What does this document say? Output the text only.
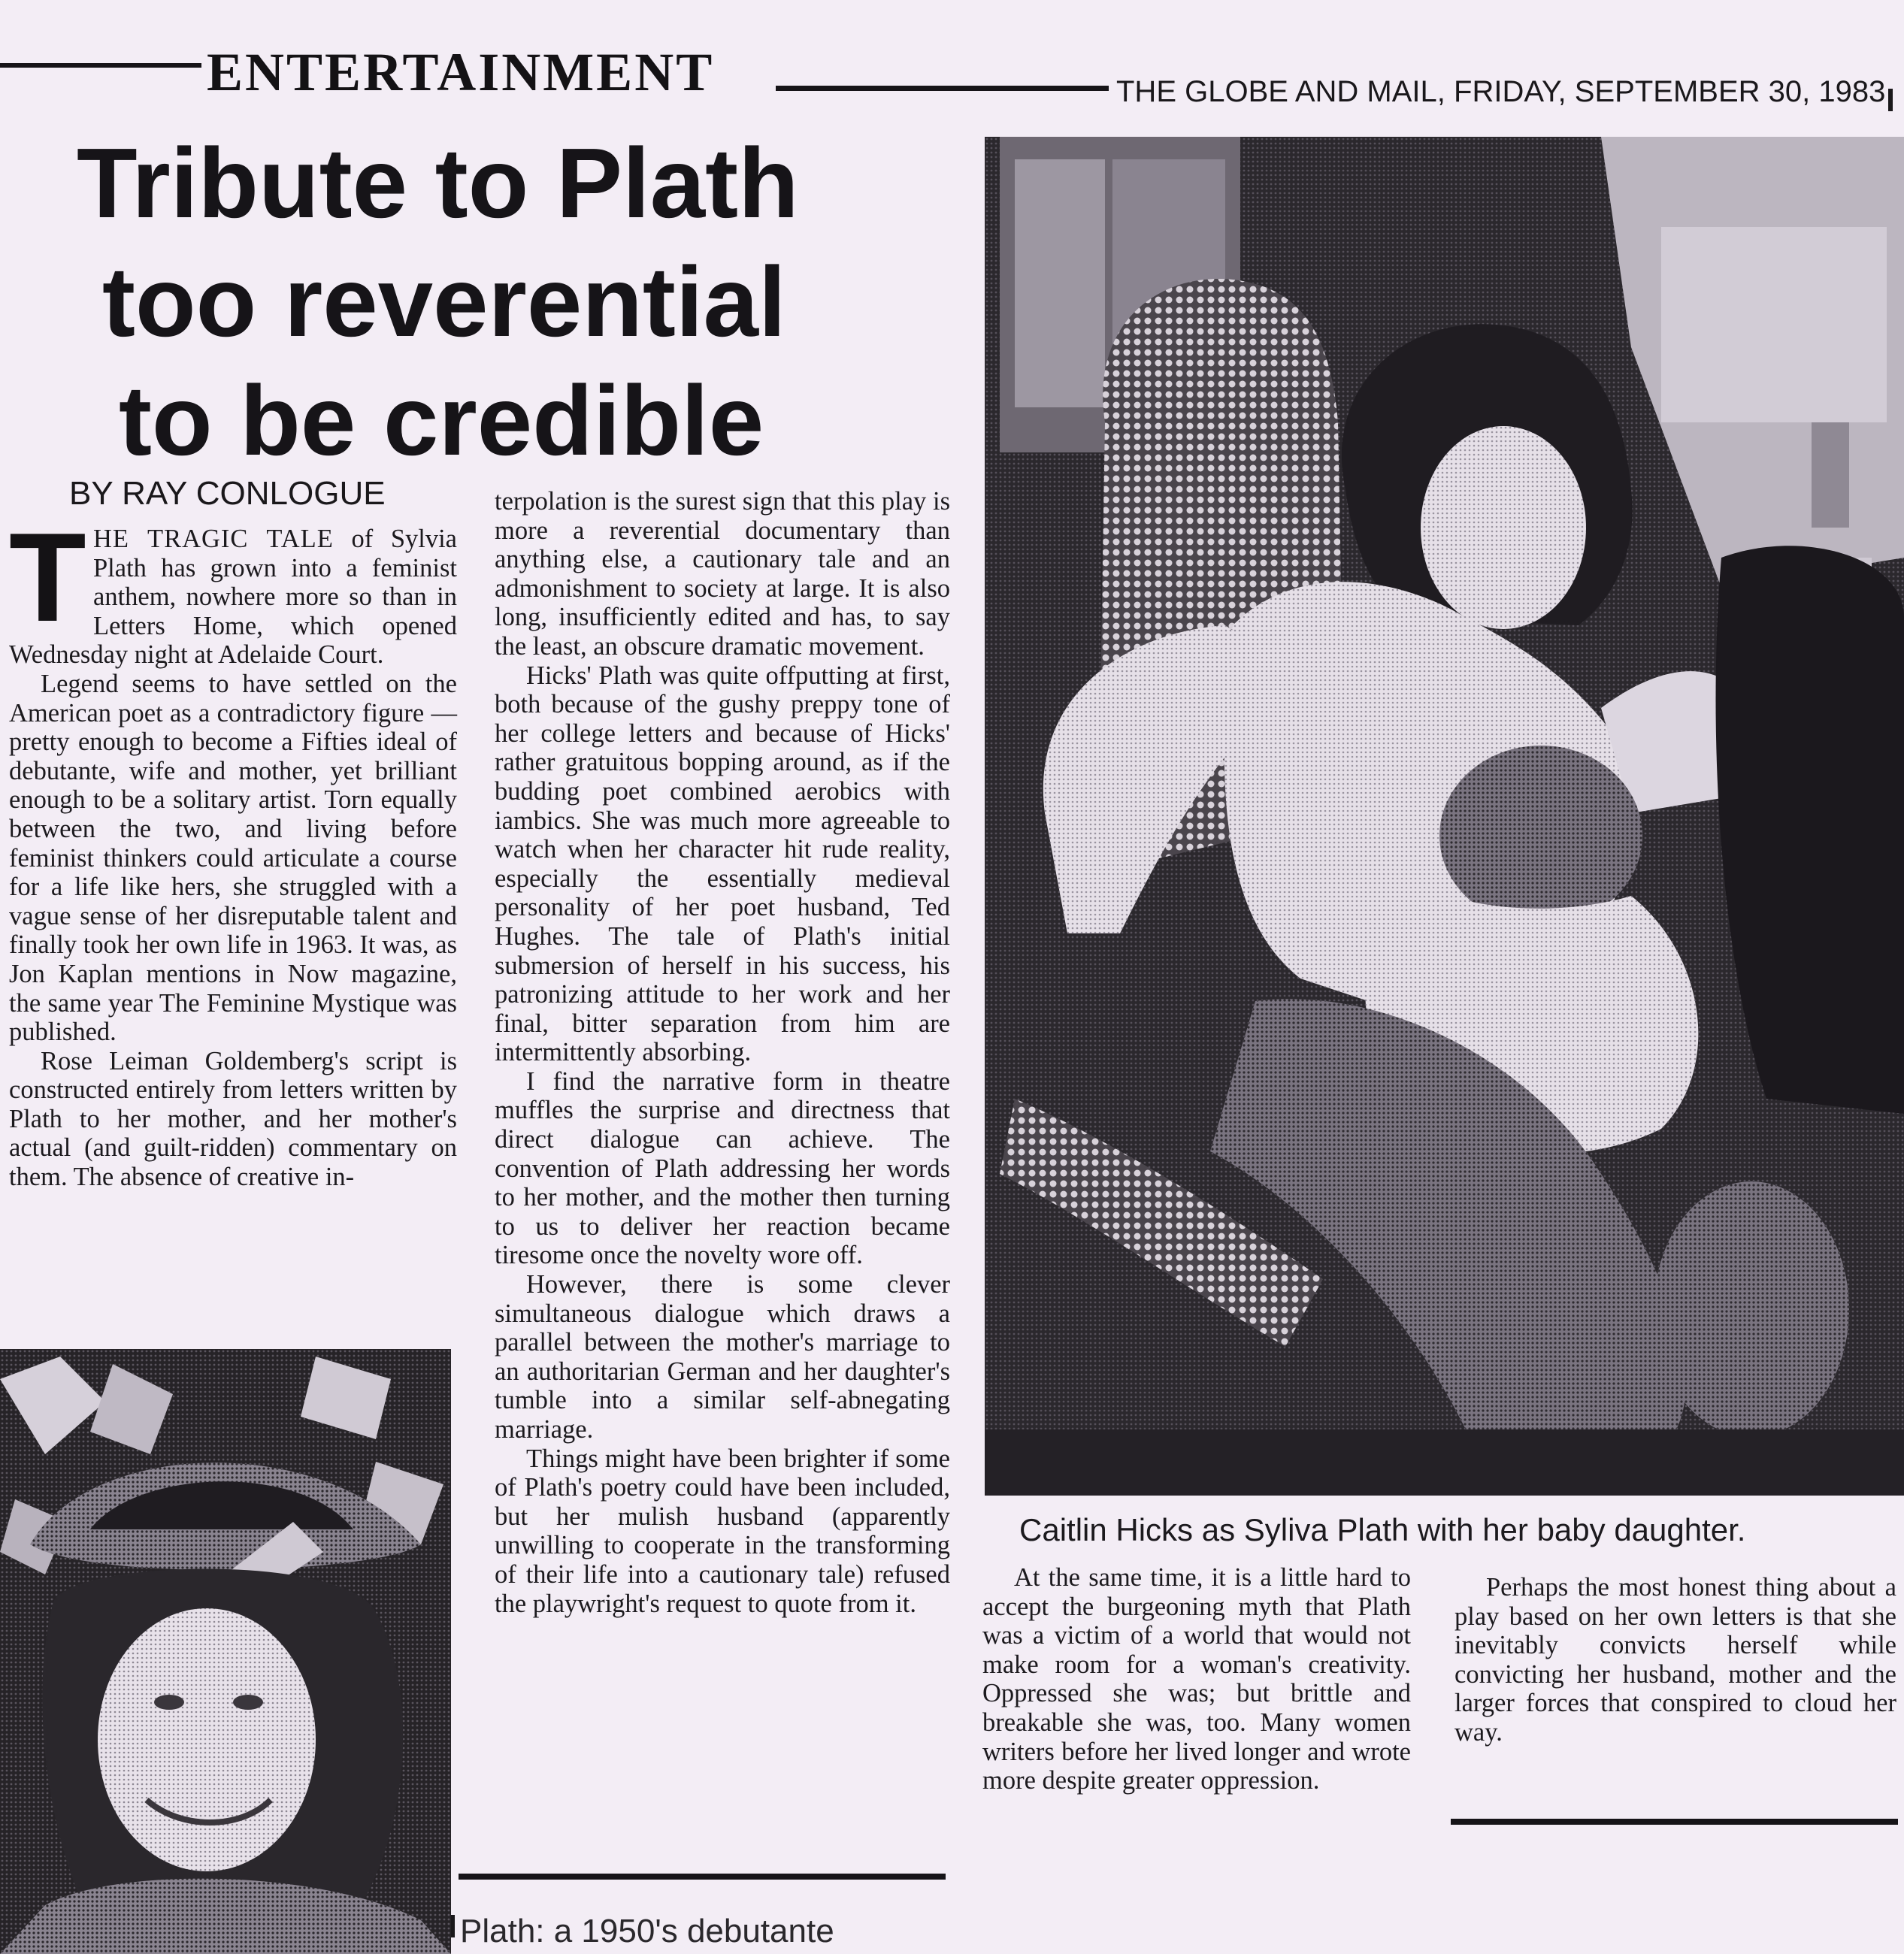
ENTERTAINMENT	THE GLOBE AND MAIL, FRIDAY, SEPTEMBER 30, 1983
Tribute to Plath
too reverential
to be credible
BY RAY CONLOGUE

THE TRAGIC TALE of Sylvia Plath has grown into a feminist anthem, nowhere more so than in Letters Home, which opened Wednesday night at Adelaide Court.

Legend seems to have settled on the American poet as a contradictory figure — pretty enough to become a Fifties ideal of debutante, wife and mother, yet brilliant enough to be a solitary artist. Torn equally between the two, and living before feminist thinkers could articulate a course for a life like hers, she struggled with a vague sense of her disreputable talent and finally took her own life in 1963. It was, as Jon Kaplan mentions in Now magazine, the same year The Feminine Mystique was published.

Rose Leiman Goldemberg's script is constructed entirely from letters written by Plath to her mother, and her mother's actual (and guilt-ridden) commentary on them. The absence of creative in-

terpolation is the surest sign that this play is more a reverential documentary than anything else, a cautionary tale and an admonishment to society at large. It is also long, insufficiently edited and has, to say the least, an obscure dramatic movement.

Hicks' Plath was quite offputting at first, both because of the gushy preppy tone of her college letters and because of Hicks' rather gratuitous bopping around, as if the budding poet combined aerobics with iambics. She was much more agreeable to watch when her character hit rude reality, especially the essentially medieval personality of her poet husband, Ted Hughes. The tale of Plath's initial submersion of herself in his success, his patronizing attitude to her work and her final, bitter separation from him are intermittently absorbing.

I find the narrative form in theatre muffles the surprise and directness that direct dialogue can achieve. The convention of Plath addressing her words to her mother, and the mother then turning to us to deliver her reaction became tiresome once the novelty wore off.

However, there is some clever simultaneous dialogue which draws a parallel between the mother's marriage to an authoritarian German and her daughter's tumble into a similar self-abnegating marriage.

Things might have been brighter if some of Plath's poetry could have been included, but her mulish husband (apparently unwilling to cooperate in the transforming of their life into a cautionary tale) refused the playwright's request to quote from it.

Caitlin Hicks as Syliva Plath with her baby daughter.

At the same time, it is a little hard to accept the burgeoning myth that Plath was a victim of a world that would not make room for a woman's creativity. Oppressed she was; but brittle and breakable she was, too. Many women writers before her lived longer and wrote more despite greater oppression.

Perhaps the most honest thing about a play based on her own letters is that she inevitably convicts herself while convicting her husband, mother and the larger forces that conspired to cloud her way.

Plath: a 1950's debutante
